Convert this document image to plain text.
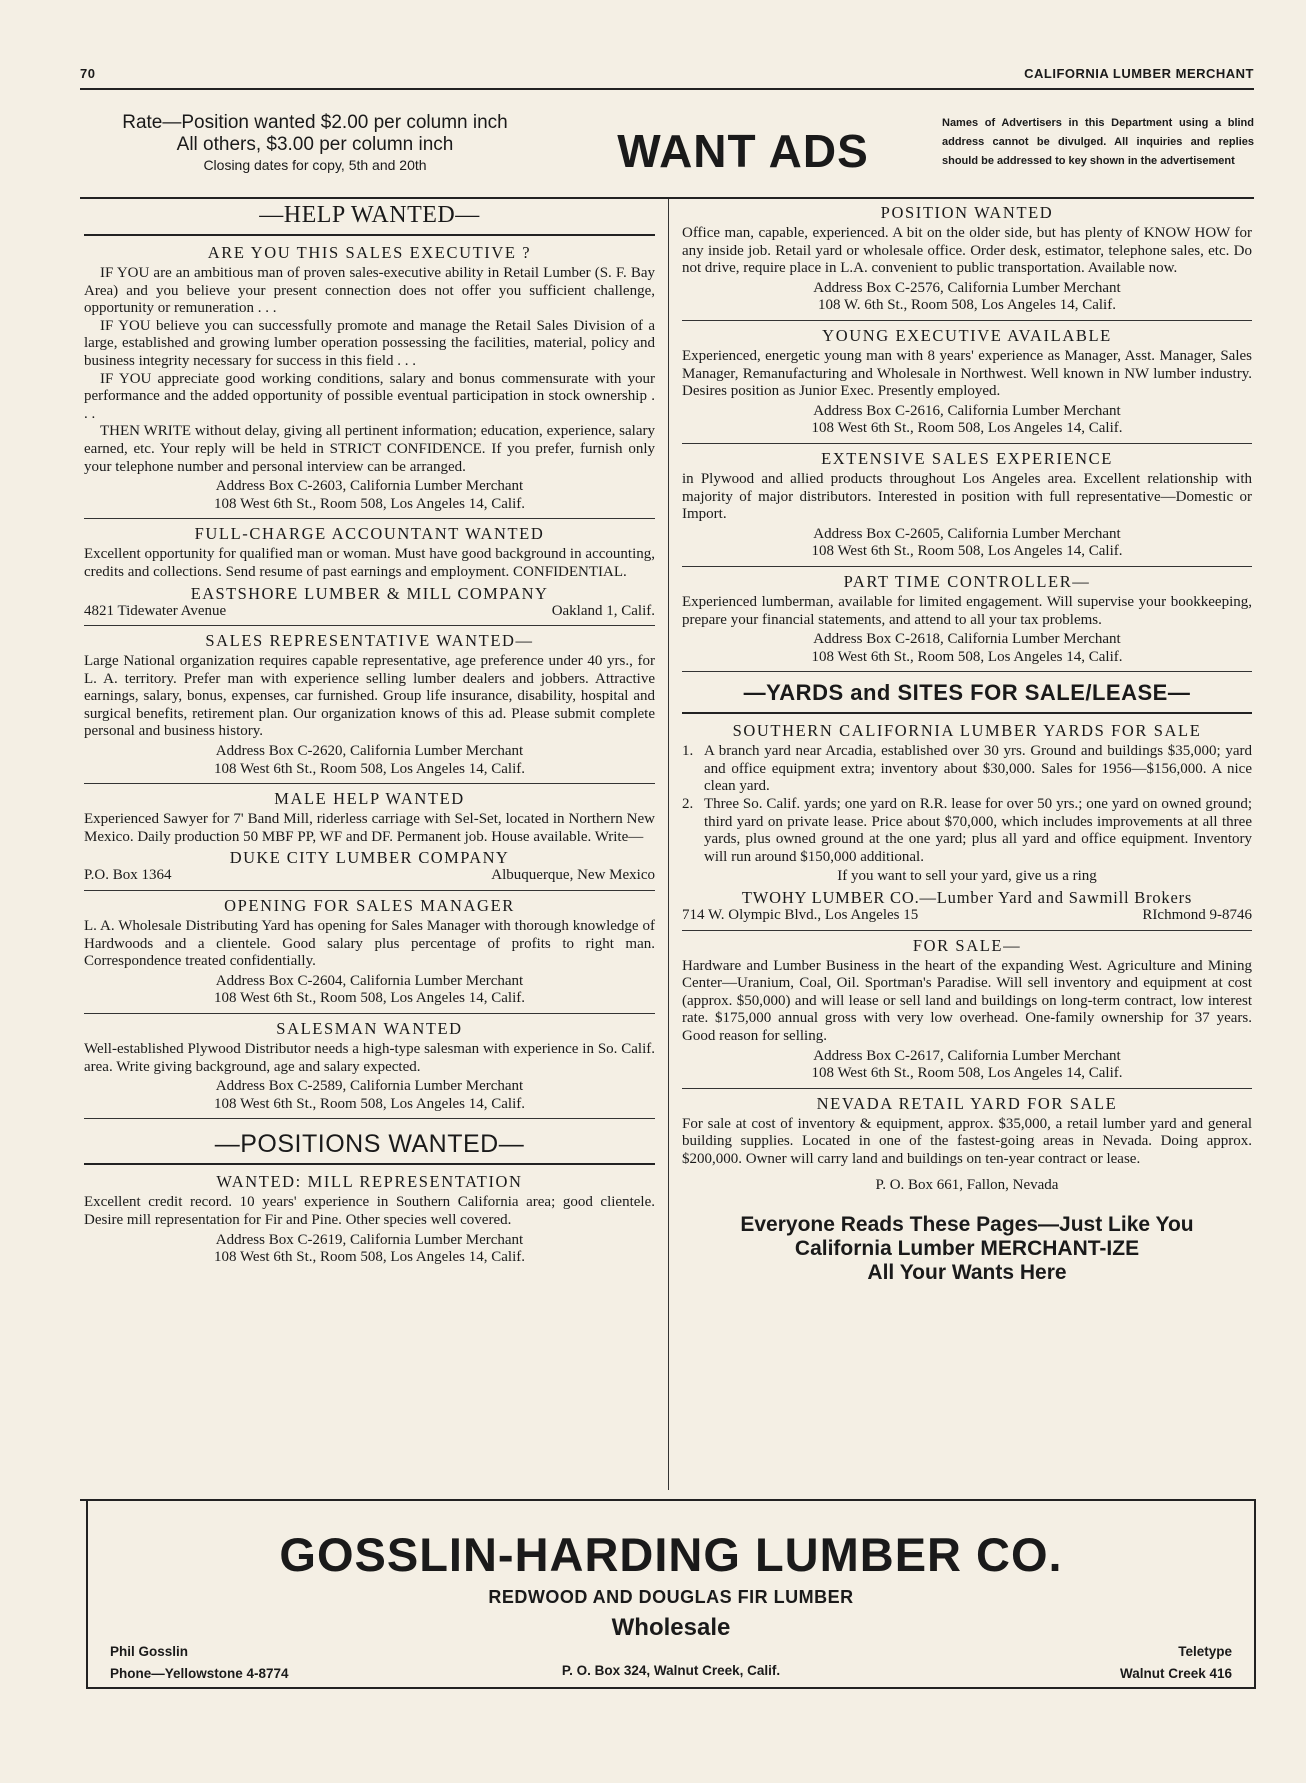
70	CALIFORNIA LUMBER MERCHANT
Rate—Position wanted $2.00 per column inch
All others, $3.00 per column inch
Closing dates for copy, 5th and 20th	WANT ADS
Names of Advertisers in this Department using a blind address cannot be divulged. All inquiries and replies should be addressed to key shown in the advertisement
—HELP WANTED—
ARE YOU THIS SALES EXECUTIVE ?

IF YOU are an ambitious man of proven sales-executive ability in Retail Lumber (S. F. Bay Area) and you believe your present connection does not offer you sufficient challenge, opportunity or remuneration . . .

IF YOU believe you can successfully promote and manage the Retail Sales Division of a large, established and growing lumber operation possessing the facilities, material, policy and business integrity necessary for success in this field . . .

IF YOU appreciate good working conditions, salary and bonus commensurate with your performance and the added opportunity of possible eventual participation in stock ownership . . .

THEN WRITE without delay, giving all pertinent information; education, experience, salary earned, etc. Your reply will be held in STRICT CONFIDENCE. If you prefer, furnish only your telephone number and personal interview can be arranged.

Address Box C-2603, California Lumber Merchant
108 West 6th St., Room 508, Los Angeles 14, Calif.
FULL-CHARGE ACCOUNTANT WANTED
Excellent opportunity for qualified man or woman. Must have good background in accounting, credits and collections. Send resume of past earnings and employment. CONFIDENTIAL.
EASTSHORE LUMBER & MILL COMPANY
4821 Tidewater Avenue	Oakland 1, Calif.
SALES REPRESENTATIVE WANTED—
Large National organization requires capable representative, age preference under 40 yrs., for L. A. territory. Prefer man with experience selling lumber dealers and jobbers. Attractive earnings, salary, bonus, expenses, car furnished. Group life insurance, disability, hospital and surgical benefits, retirement plan. Our organization knows of this ad. Please submit complete personal and business history.
Address Box C-2620, California Lumber Merchant
108 West 6th St., Room 508, Los Angeles 14, Calif.
MALE HELP WANTED
Experienced Sawyer for 7' Band Mill, riderless carriage with Sel-Set, located in Northern New Mexico. Daily production 50 MBF PP, WF and DF. Permanent job. House available. Write—
DUKE CITY LUMBER COMPANY
P.O. Box 1364	Albuquerque, New Mexico
OPENING FOR SALES MANAGER
L. A. Wholesale Distributing Yard has opening for Sales Manager with thorough knowledge of Hardwoods and a clientele. Good salary plus percentage of profits to right man. Correspondence treated confidentially.
Address Box C-2604, California Lumber Merchant
108 West 6th St., Room 508, Los Angeles 14, Calif.
SALESMAN WANTED
Well-established Plywood Distributor needs a high-type salesman with experience in So. Calif. area. Write giving background, age and salary expected.
Address Box C-2589, California Lumber Merchant
108 West 6th St., Room 508, Los Angeles 14, Calif.
—POSITIONS WANTED—
WANTED: MILL REPRESENTATION
Excellent credit record. 10 years' experience in Southern California area; good clientele. Desire mill representation for Fir and Pine. Other species well covered.
Address Box C-2619, California Lumber Merchant
108 West 6th St., Room 508, Los Angeles 14, Calif.
POSITION WANTED
Office man, capable, experienced. A bit on the older side, but has plenty of KNOW HOW for any inside job. Retail yard or wholesale office. Order desk, estimator, telephone sales, etc. Do not drive, require place in L.A. convenient to public transportation. Available now.
Address Box C-2576, California Lumber Merchant
108 W. 6th St., Room 508, Los Angeles 14, Calif.
YOUNG EXECUTIVE AVAILABLE
Experienced, energetic young man with 8 years' experience as Manager, Asst. Manager, Sales Manager, Remanufacturing and Wholesale in Northwest. Well known in NW lumber industry. Desires position as Junior Exec. Presently employed.
Address Box C-2616, California Lumber Merchant
108 West 6th St., Room 508, Los Angeles 14, Calif.
EXTENSIVE SALES EXPERIENCE
in Plywood and allied products throughout Los Angeles area. Excellent relationship with majority of major distributors. Interested in position with full representative—Domestic or Import.
Address Box C-2605, California Lumber Merchant
108 West 6th St., Room 508, Los Angeles 14, Calif.
PART TIME CONTROLLER—
Experienced lumberman, available for limited engagement. Will supervise your bookkeeping, prepare your financial statements, and attend to all your tax problems.
Address Box C-2618, California Lumber Merchant
108 West 6th St., Room 508, Los Angeles 14, Calif.
—YARDS and SITES FOR SALE/LEASE—
SOUTHERN CALIFORNIA LUMBER YARDS FOR SALE
1. A branch yard near Arcadia, established over 30 yrs. Ground and buildings $35,000; yard and office equipment extra; inventory about $30,000. Sales for 1956—$156,000. A nice clean yard.
2. Three So. Calif. yards; one yard on R.R. lease for over 50 yrs.; one yard on owned ground; third yard on private lease. Price about $70,000, which includes improvements at all three yards, plus owned ground at the one yard; plus all yard and office equipment. Inventory will run around $150,000 additional.
If you want to sell your yard, give us a ring
TWOHY LUMBER CO.—Lumber Yard and Sawmill Brokers
714 W. Olympic Blvd., Los Angeles 15	RIchmond 9-8746
FOR SALE—
Hardware and Lumber Business in the heart of the expanding West. Agriculture and Mining Center—Uranium, Coal, Oil. Sportman's Paradise. Will sell inventory and equipment at cost (approx. $50,000) and will lease or sell land and buildings on long-term contract, low interest rate. $175,000 annual gross with very low overhead. One-family ownership for 37 years. Good reason for selling.
Address Box C-2617, California Lumber Merchant
108 West 6th St., Room 508, Los Angeles 14, Calif.
NEVADA RETAIL YARD FOR SALE
For sale at cost of inventory & equipment, approx. $35,000, a retail lumber yard and general building supplies. Located in one of the fastest-going areas in Nevada. Doing approx. $200,000. Owner will carry land and buildings on ten-year contract or lease.
P. O. Box 661, Fallon, Nevada
Everyone Reads These Pages—Just Like You
California Lumber MERCHANT-IZE
All Your Wants Here
GOSSLIN-HARDING LUMBER CO.
REDWOOD AND DOUGLAS FIR LUMBER
Wholesale
Phil Gosslin
Phone—Yellowstone 4-8774	P. O. Box 324, Walnut Creek, Calif.
Teletype
Walnut Creek 416
